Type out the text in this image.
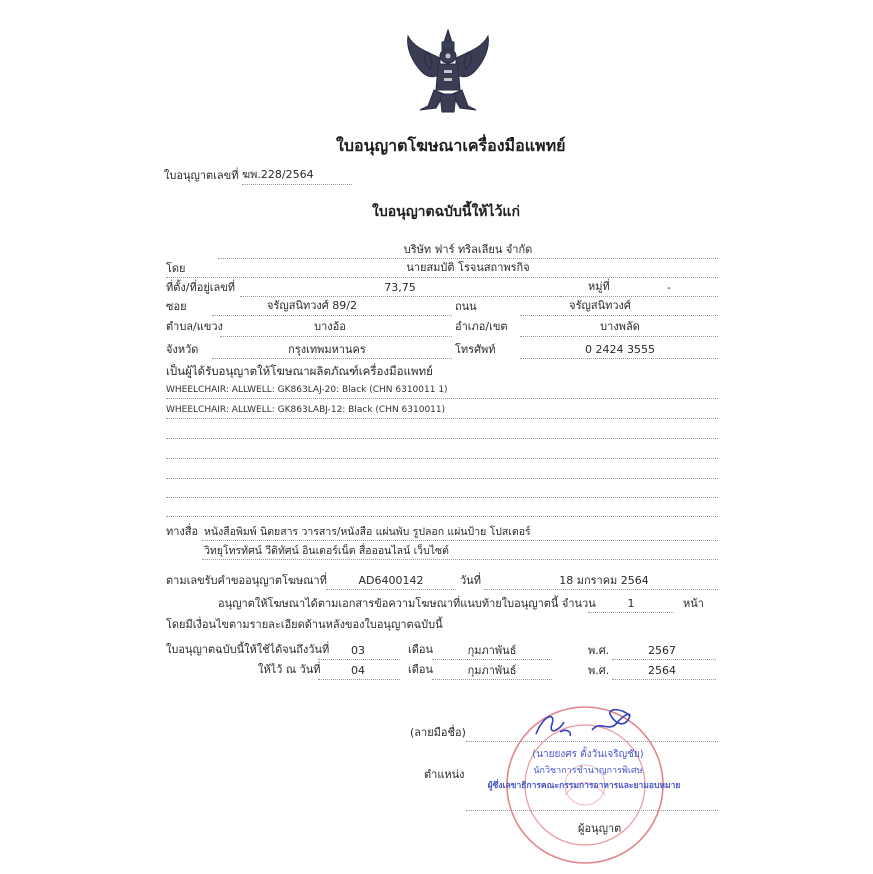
ใบอนุญาตโฆษณาเครื่องมือแพทย์
ใบอนุญาตเลขที่ ฆพ.228/2564
ใบอนุญาตฉบับนี้ให้ไว้แก่
บริษัท ฟาร์ ทริลเลียน จำกัด
โดย	นายสมบัติ โรจนสถาพรกิจ
ที่ตั้ง/ที่อยู่เลขที่	73,75	หมู่ที่	-
ซอย	จรัญสนิทวงศ์ 89/2	ถนน	จรัญสนิทวงศ์
ตำบล/แขวง	บางอ้อ	อำเภอ/เขต	บางพลัด
จังหวัด	กรุงเทพมหานคร	โทรศัพท์	0 2424 3555
เป็นผู้ได้รับอนุญาตให้โฆษณาผลิตภัณฑ์เครื่องมือแพทย์
WHEELCHAIR: ALLWELL: GK863LAJ-20: Black (CHN 6310011 1)
WHEELCHAIR: ALLWELL: GK863LABJ-12: Black (CHN 6310011)
ทางสื่อ หนังสือพิมพ์ นิตยสาร วารสาร/หนังสือ แผ่นพับ รูปลอก แผ่นป้าย โปสเตอร์
วิทยุโทรทัศน์ วีดิทัศน์ อินเตอร์เน็ต สื่อออนไลน์ เว็บไซต์
ตามเลขรับคำขออนุญาตโฆษณาที่	AD6400142	วันที่	18 มกราคม 2564
อนุญาตให้โฆษณาได้ตามเอกสารข้อความโฆษณาที่แนบท้ายใบอนุญาตนี้ จำนวน	1	หน้า
โดยมีเงื่อนไขตามรายละเอียดด้านหลังของใบอนุญาตฉบับนี้
ใบอนุญาตฉบับนี้ให้ใช้ได้จนถึงวันที่	03	เดือน	กุมภาพันธ์	พ.ศ.	2567
ให้ไว้ ณ วันที่	04	เดือน	กุมภาพันธ์	พ.ศ.	2564
(ลายมือชื่อ)
ตำแหน่ง
(นายยงศร ตั้งวันเจริญชัย)
นักวิชาการชำนาญการพิเศษ
ผู้ซึ่งเลขาธิการคณะกรรมการอาหารและยามอบหมาย
ผู้อนุญาต
